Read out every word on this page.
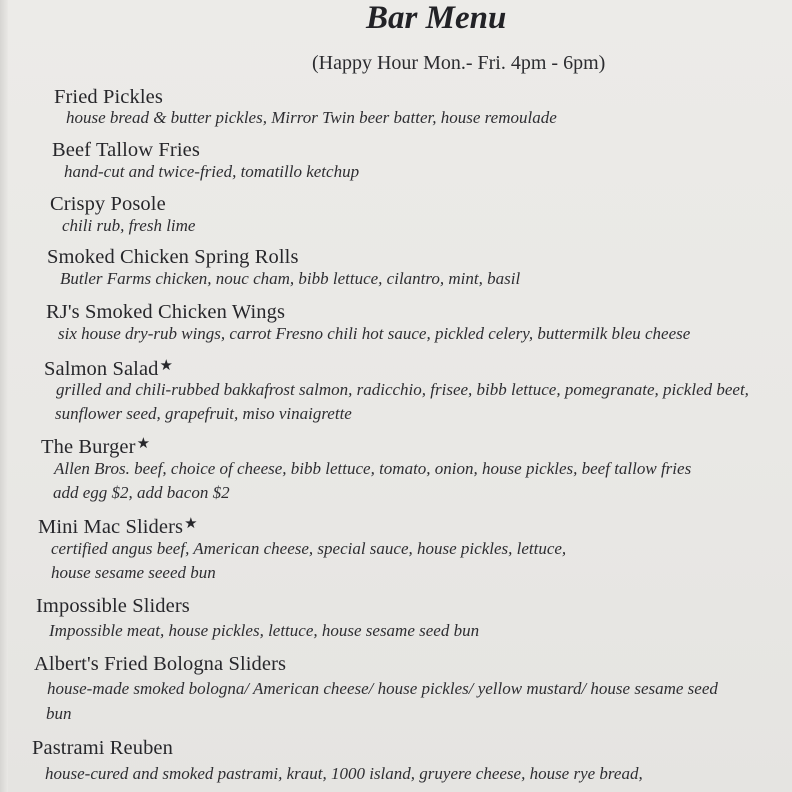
Bar Menu
(Happy Hour Mon.- Fri. 4pm - 6pm)
Fried Pickles
house bread & butter pickles, Mirror Twin beer batter, house remoulade
Beef Tallow Fries
hand-cut and twice-fried, tomatillo ketchup
Crispy Posole
chili rub, fresh lime
Smoked Chicken Spring Rolls
Butler Farms chicken, nouc cham, bibb lettuce, cilantro, mint, basil
RJ's Smoked Chicken Wings
six house dry-rub wings, carrot Fresno chili hot sauce, pickled celery, buttermilk bleu cheese
Salmon Salad★
grilled and chili-rubbed bakkafrost salmon, radicchio, frisee, bibb lettuce, pomegranate, pickled beet,
sunflower seed, grapefruit, miso vinaigrette
The Burger★
Allen Bros. beef, choice of cheese, bibb lettuce, tomato, onion, house pickles, beef tallow fries
add egg $2, add bacon $2
Mini Mac Sliders★
certified angus beef, American cheese, special sauce, house pickles, lettuce,
house sesame seeed bun
Impossible Sliders
Impossible meat, house pickles, lettuce, house sesame seed bun
Albert's Fried Bologna Sliders
house-made smoked bologna/ American cheese/ house pickles/ yellow mustard/ house sesame seed
bun
Pastrami Reuben
house-cured and smoked pastrami, kraut, 1000 island, gruyere cheese, house rye bread,
